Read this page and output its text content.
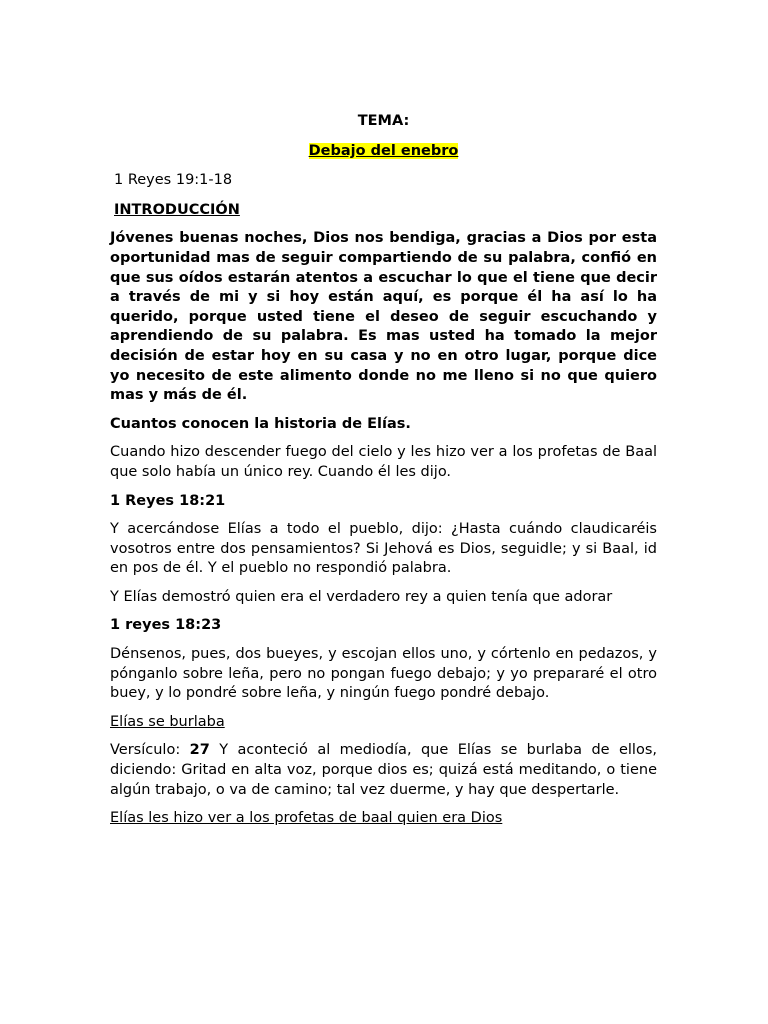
TEMA:

Debajo del enebro

1 Reyes 19:1-18

INTRODUCCIÓN

Jóvenes buenas noches, Dios nos bendiga, gracias a Dios por esta oportunidad mas de seguir compartiendo de su palabra, confió en que sus oídos estarán atentos a escuchar lo que el tiene que decir a través de mi y si hoy están aquí, es porque él ha así lo ha querido, porque usted tiene el deseo de seguir escuchando y aprendiendo de su palabra. Es mas usted ha tomado la mejor decisión de estar hoy en su casa y no en otro lugar, porque dice yo necesito de este alimento donde no me lleno si no que quiero mas y más de él.

Cuantos conocen la historia de Elías.

Cuando hizo descender fuego del cielo y les hizo ver a los profetas de Baal que solo había un único rey. Cuando él les dijo.

1 Reyes 18:21

Y acercándose Elías a todo el pueblo, dijo: ¿Hasta cuándo claudicaréis vosotros entre dos pensamientos? Si Jehová es Dios, seguidle; y si Baal, id en pos de él. Y el pueblo no respondió palabra.

Y Elías demostró quien era el verdadero rey a quien tenía que adorar

1 reyes 18:23

Dénsenos, pues, dos bueyes, y escojan ellos uno, y córtenlo en pedazos, y pónganlo sobre leña, pero no pongan fuego debajo; y yo prepararé el otro buey, y lo pondré sobre leña, y ningún fuego pondré debajo.

Elías se burlaba

Versículo: 27 Y aconteció al mediodía, que Elías se burlaba de ellos, diciendo: Gritad en alta voz, porque dios es; quizá está meditando, o tiene algún trabajo, o va de camino; tal vez duerme, y hay que despertarle.

Elías les hizo ver a los profetas de baal quien era Dios
